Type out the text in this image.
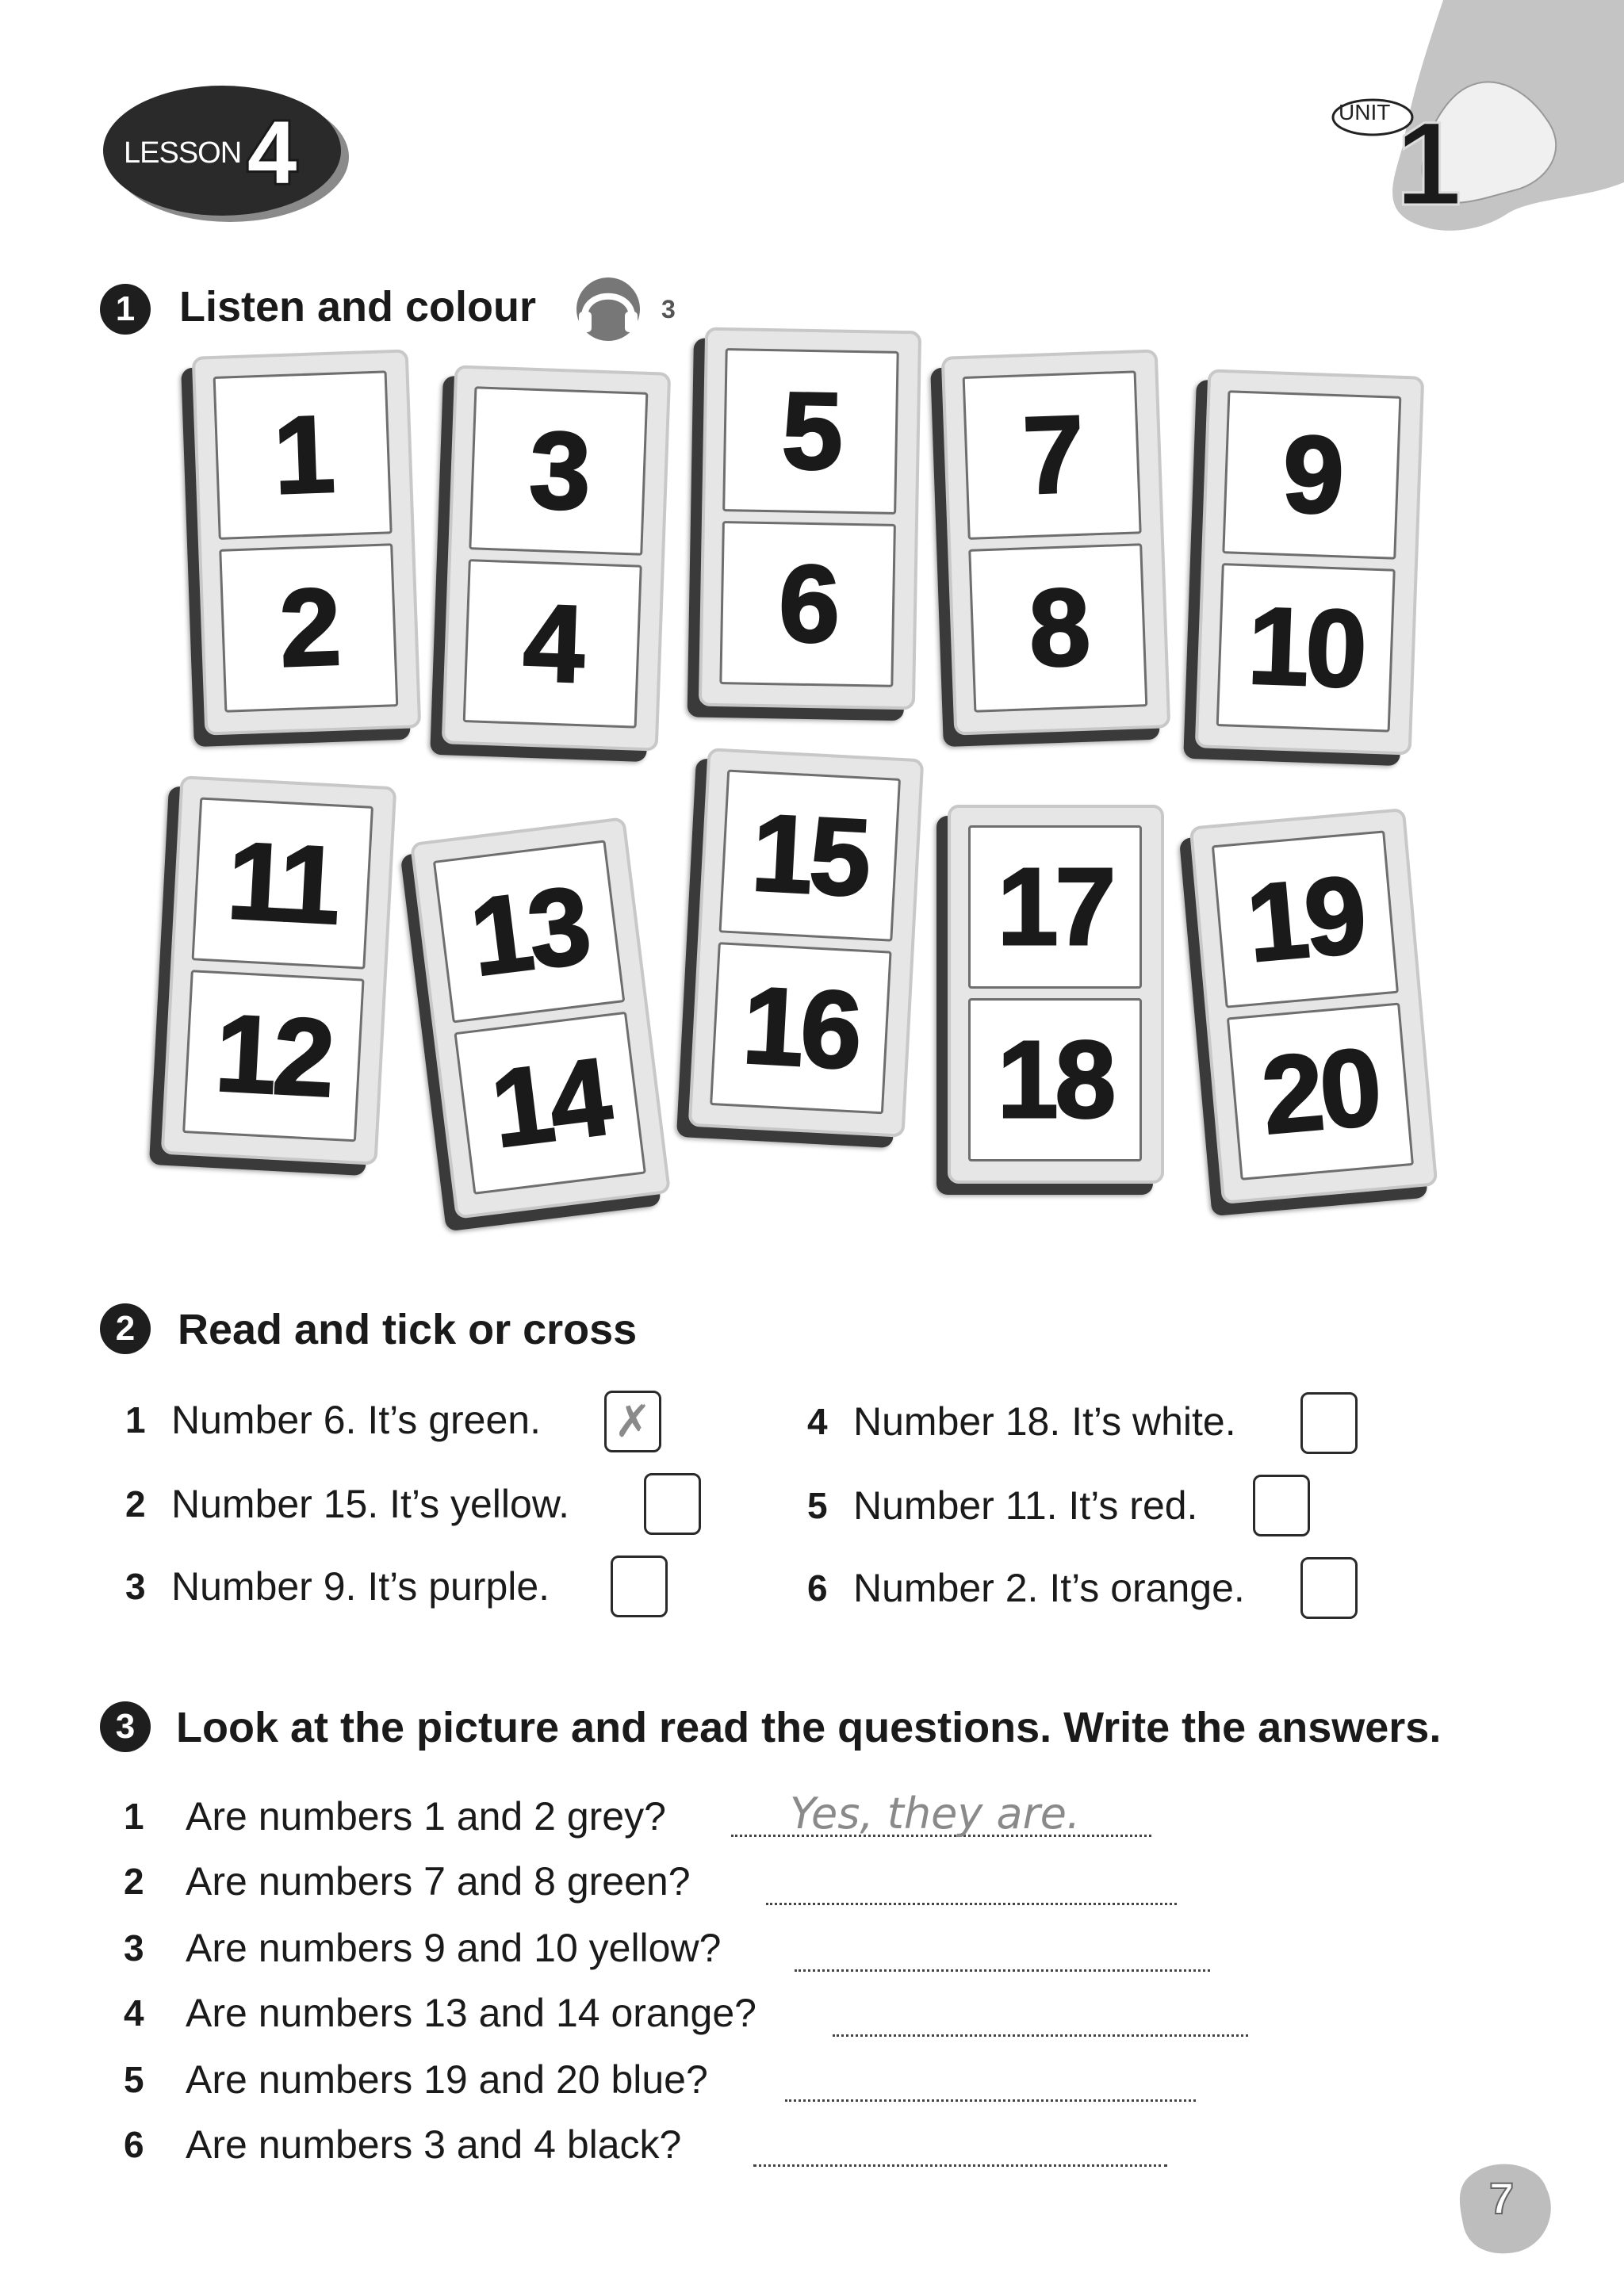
LESSON 4	UNIT 1
1	Listen and colour	3
1
2
3
4
5
6
7
8
9
10
11
12
13
14
15
16
17
18
19
20
2 Read and tick or cross
1 Number 6. It’s green. ✗
2 Number 15. It’s yellow.
3 Number 9. It’s purple.
4 Number 18. It’s white.
5 Number 11. It’s red.
6 Number 2. It’s orange.
3 Look at the picture and read the questions. Write the answers.
1 Are numbers 1 and 2 grey?	Yes, they are.
2 Are numbers 7 and 8 green?
3 Are numbers 9 and 10 yellow?
4 Are numbers 13 and 14 orange?
5 Are numbers 19 and 20 blue?
6 Are numbers 3 and 4 black?
7
